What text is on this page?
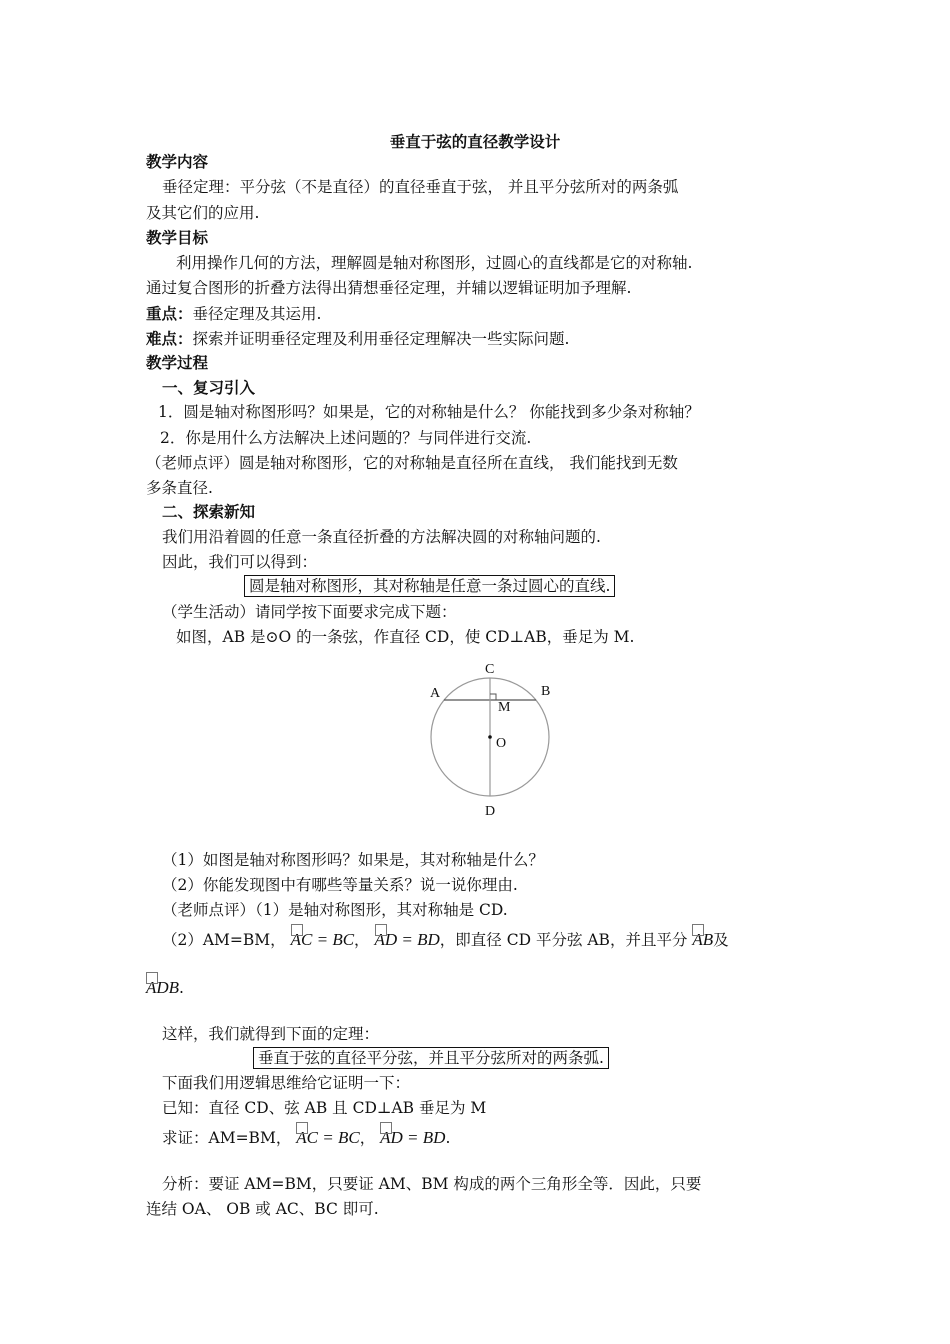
垂直于弦的直径教学设计
教学内容
垂径定理：平分弦（不是直径）的直径垂直于弦， 并且平分弦所对的两条弧
及其它们的应用.
教学目标
利用操作几何的方法，理解圆是轴对称图形，过圆心的直线都是它的对称轴.
通过复合图形的折叠方法得出猜想垂径定理，并辅以逻辑证明加予理解.
重点：垂径定理及其运用.
难点：探索并证明垂径定理及利用垂径定理解决一些实际问题.
教学过程
一、复习引入
1．圆是轴对称图形吗？如果是，它的对称轴是什么？ 你能找到多少条对称轴？
2．你是用什么方法解决上述问题的？与同伴进行交流.
（老师点评）圆是轴对称图形，它的对称轴是直径所在直线， 我们能找到无数
多条直径.
二、探索新知
我们用沿着圆的任意一条直径折叠的方法解决圆的对称轴问题的.
因此，我们可以得到：
圆是轴对称图形，其对称轴是任意一条过圆心的直线.
（学生活动）请同学按下面要求完成下题：
如图，AB 是⊙O 的一条弦，作直径 CD，使 CD⊥AB，垂足为 M.
C
A	B
M
O
D
（1）如图是轴对称图形吗？如果是，其对称轴是什么？
（2）你能发现图中有哪些等量关系？说一说你理由.
（老师点评）（1）是轴对称图形，其对称轴是 CD.
（2）AM=BM， AC = BC， AD = BD，即直径 CD 平分弦 AB，并且平分 AB及
ADB.
这样，我们就得到下面的定理：
垂直于弦的直径平分弦，并且平分弦所对的两条弧.
下面我们用逻辑思维给它证明一下：
已知：直径 CD、弦 AB 且 CD⊥AB 垂足为 M
求证：AM=BM， AC = BC， AD = BD.
分析：要证 AM=BM，只要证 AM、BM 构成的两个三角形全等．因此，只要
连结 OA、 OB 或 AC、BC 即可.
